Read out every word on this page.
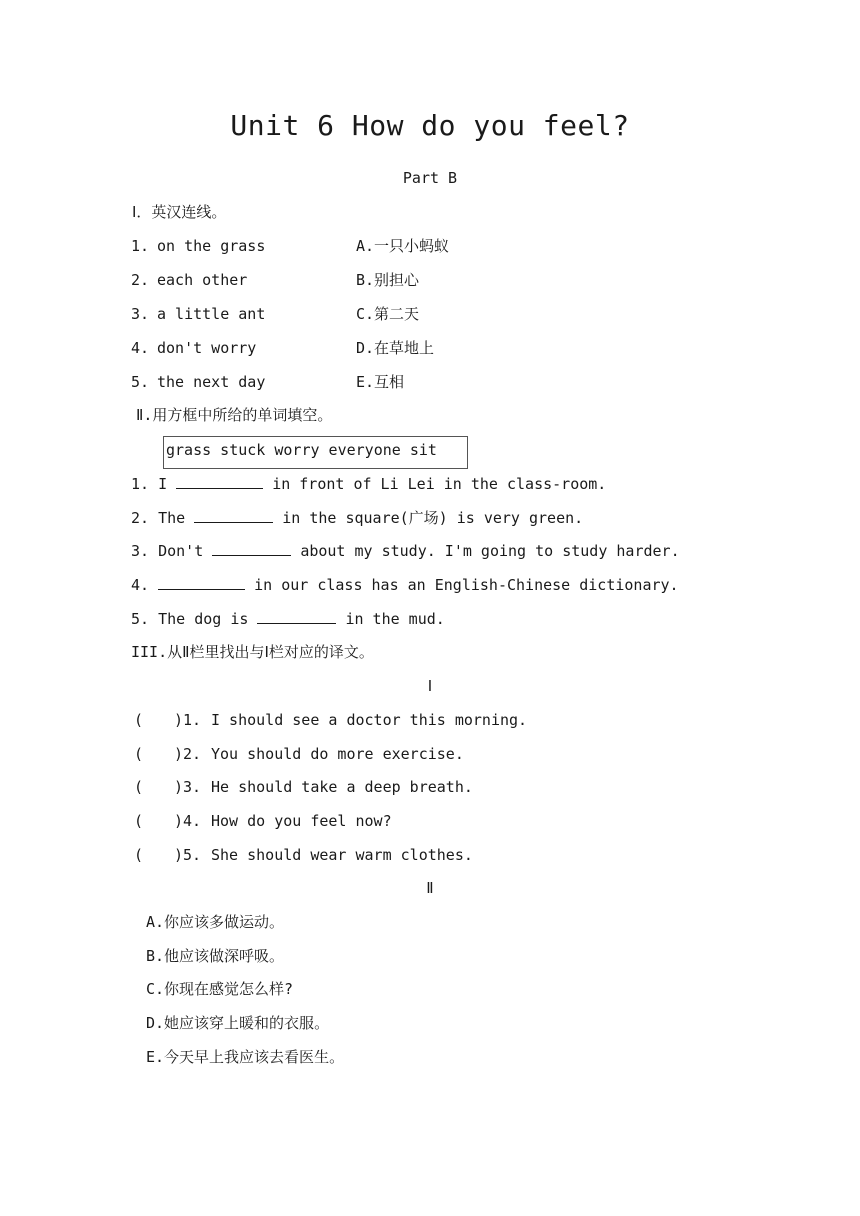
Unit 6 How do you feel?
Part B
Ⅰ．英汉连线。
1. on the grass	A.一只小蚂蚁
2. each other	B.别担心
3. a little ant	C.第二天
4. don't worry	D.在草地上
5. the next day	E.互相
Ⅱ.用方框中所给的单词填空。
grass stuck worry everyone sit
1. I	in front of Li Lei in the class-room.
2. The	in the square(广场) is very green.
3. Don't	about my study. I'm going to study harder.
4.	in our class has an English-Chinese dictionary.
5. The dog is	in the mud.
III.从Ⅱ栏里找出与Ⅰ栏对应的译文。
Ⅰ
( )1. I should see a doctor this morning.
( )2. You should do more exercise.
( )3. He should take a deep breath.
( )4. How do you feel now?
( )5. She should wear warm clothes.
Ⅱ
A.你应该多做运动。
B.他应该做深呼吸。
C.你现在感觉怎么样?
D.她应该穿上暖和的衣服。
E.今天早上我应该去看医生。
